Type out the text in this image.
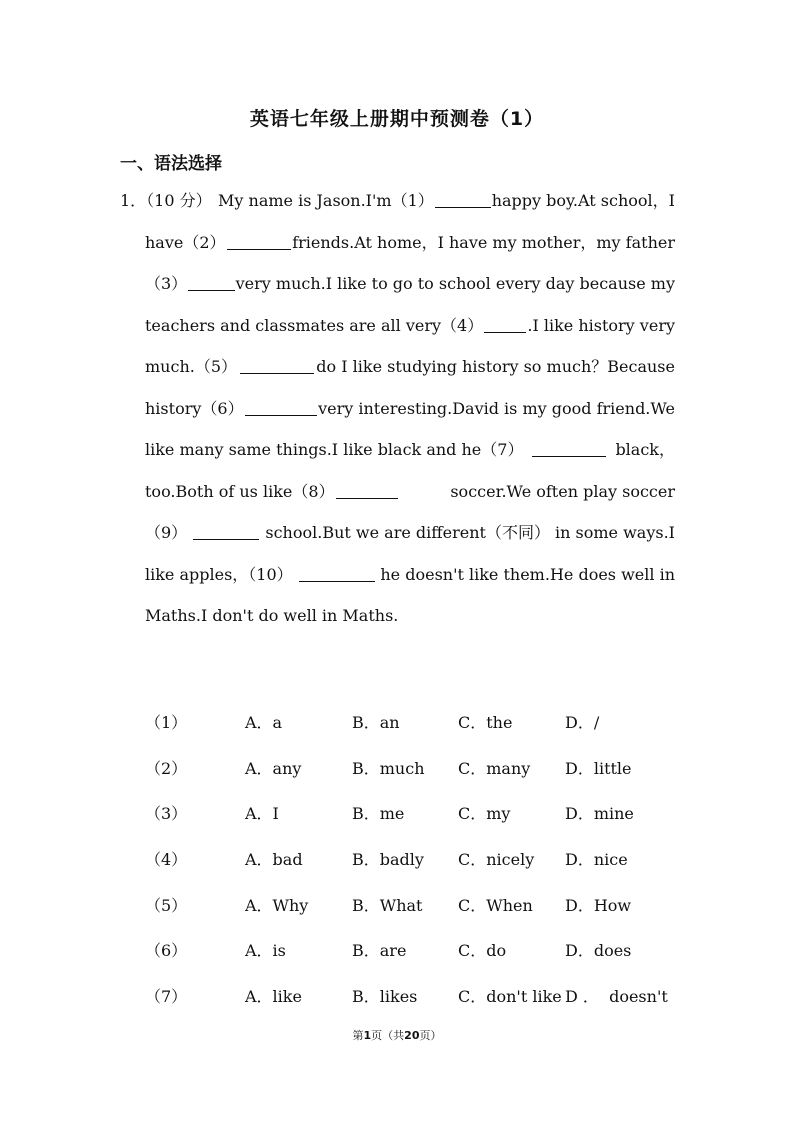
英语七年级上册期中预测卷（1）
一、语法选择
1．（10 分） My name is Jason.I'm（1）	happy boy.At school，I
have（2）	friends.At home，I have my mother，my father
（3）	very much.I like to go to school every day because my
teachers and classmates are all very（4）	.I like history very
much.（5）	do I like studying history so much？Because
history（6）	very interesting.David is my good friend.We
like many same things.I like black and he（7）	black，
too.Both of us like（8）	soccer.We often play soccer
（9）	school.But we are different（不同） in some ways.I
like apples，（10）	he doesn't like them.He does well in
Maths.I don't do well in Maths.
（1）	A．a	B．an	C．the	D．/
（2）	A．any	B．much C．many D．little
（3）	A．I	B．me	C．my	D．mine
（4）	A．bad	B．badly C．nicely D．nice
（5）	A．Why	B．What C．When D．How
（6）	A．is	B．are	C．do	D．does
（7）	A．like	B．likes	C．don't like D ．  doesn't
第1页（共20页）
